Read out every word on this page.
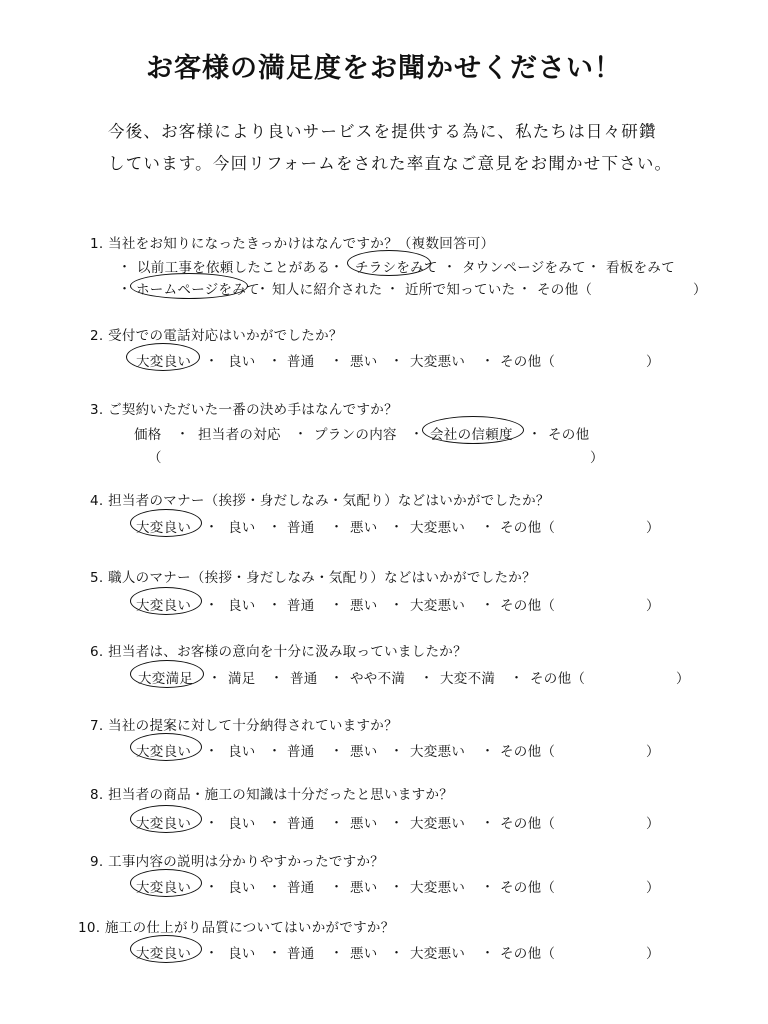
お客様の満足度をお聞かせください！
今後、お客様により良いサービスを提供する為に、私たちは日々研鑽
しています。今回リフォームをされた率直なご意見をお聞かせ下さい。
1. 当社をお知りになったきっかけはなんですか？（複数回答可）
・ 以前工事を依頼したことがある ・ チラシをみて ・ タウンページをみて ・ 看板をみて
・ ホームページをみて
・ 知人に紹介された ・ 近所で知っていた ・ その他（	）
2. 受付での電話対応はいかがでしたか？
大変良い ・ 良い ・ 普通 ・ 悪い ・ 大変悪い ・ その他（	）
3. ご契約いただいた一番の決め手はなんですか？
価格 ・ 担当者の対応 ・ プランの内容 ・ 会社の信頼度 ・ その他
（	）
4. 担当者のマナー（挨拶・身だしなみ・気配り）などはいかがでしたか？
大変良い ・ 良い ・ 普通 ・ 悪い ・ 大変悪い ・ その他（	）
5. 職人のマナー（挨拶・身だしなみ・気配り）などはいかがでしたか？
大変良い ・ 良い ・ 普通 ・ 悪い ・ 大変悪い ・ その他（	）
6. 担当者は、お客様の意向を十分に汲み取っていましたか？
大変満足 ・ 満足 ・ 普通 ・ やや不満 ・ 大変不満 ・ その他（	）
7. 当社の提案に対して十分納得されていますか？
大変良い ・ 良い ・ 普通 ・ 悪い ・ 大変悪い ・ その他（	）
8. 担当者の商品・施工の知識は十分だったと思いますか？
大変良い ・ 良い ・ 普通 ・ 悪い ・ 大変悪い ・ その他（	）
9. 工事内容の説明は分かりやすかったですか？
大変良い ・ 良い ・ 普通 ・ 悪い ・ 大変悪い ・ その他（	）
10. 施工の仕上がり品質についてはいかがですか？
大変良い ・ 良い ・ 普通 ・ 悪い ・ 大変悪い ・ その他（	）
